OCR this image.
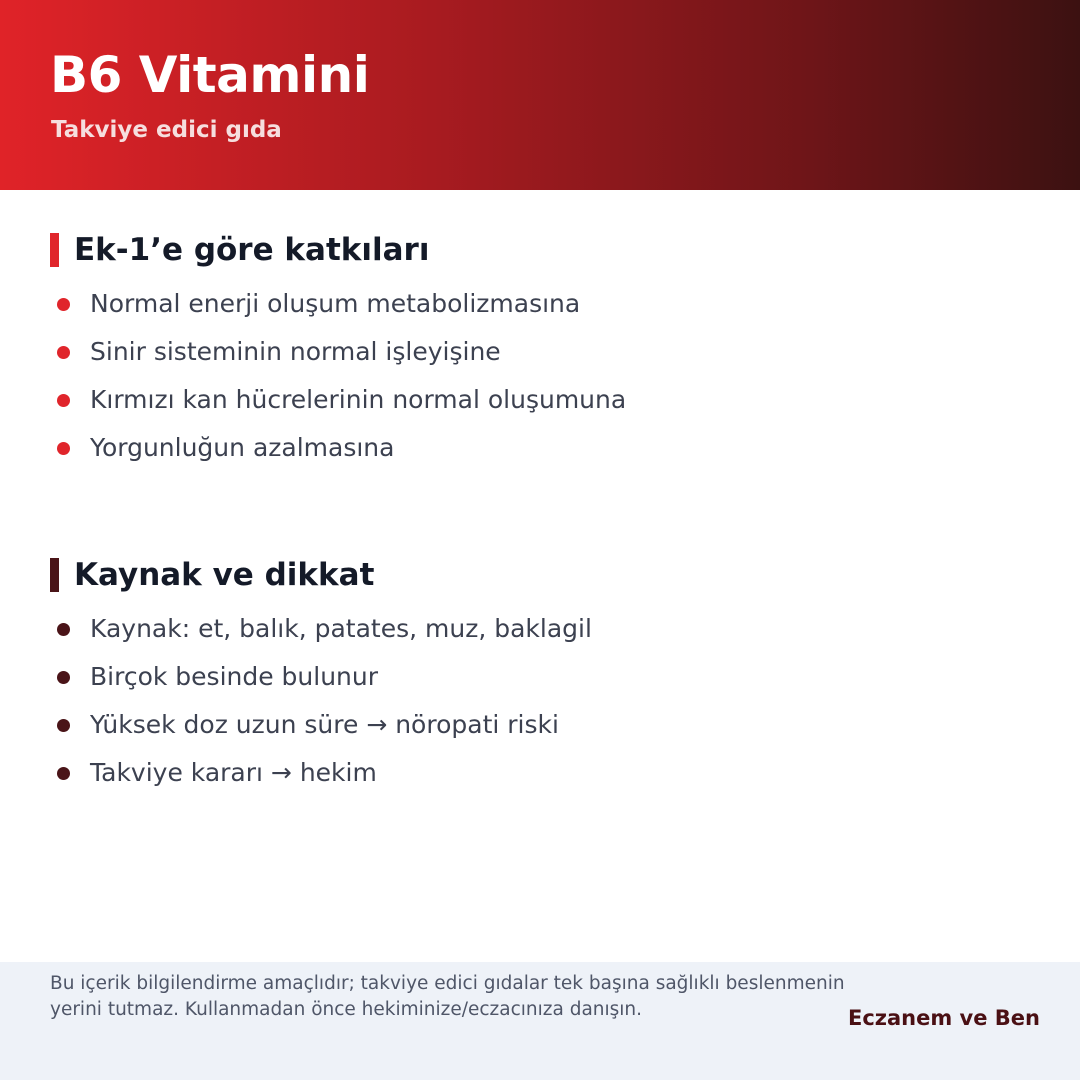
B6 Vitamini
Takviye edici gıda
Ek-1’e göre katkıları
Normal enerji oluşum metabolizmasına
Sinir sisteminin normal işleyişine
Kırmızı kan hücrelerinin normal oluşumuna
Yorgunluğun azalmasına
Kaynak ve dikkat
Kaynak: et, balık, patates, muz, baklagil
Birçok besinde bulunur
Yüksek doz uzun süre → nöropati riski
Takviye kararı → hekim
Bu içerik bilgilendirme amaçlıdır; takviye edici gıdalar tek başına sağlıklı beslenmenin yerini tutmaz. Kullanmadan önce hekiminize/eczacınıza danışın.	Eczanem ve Ben
